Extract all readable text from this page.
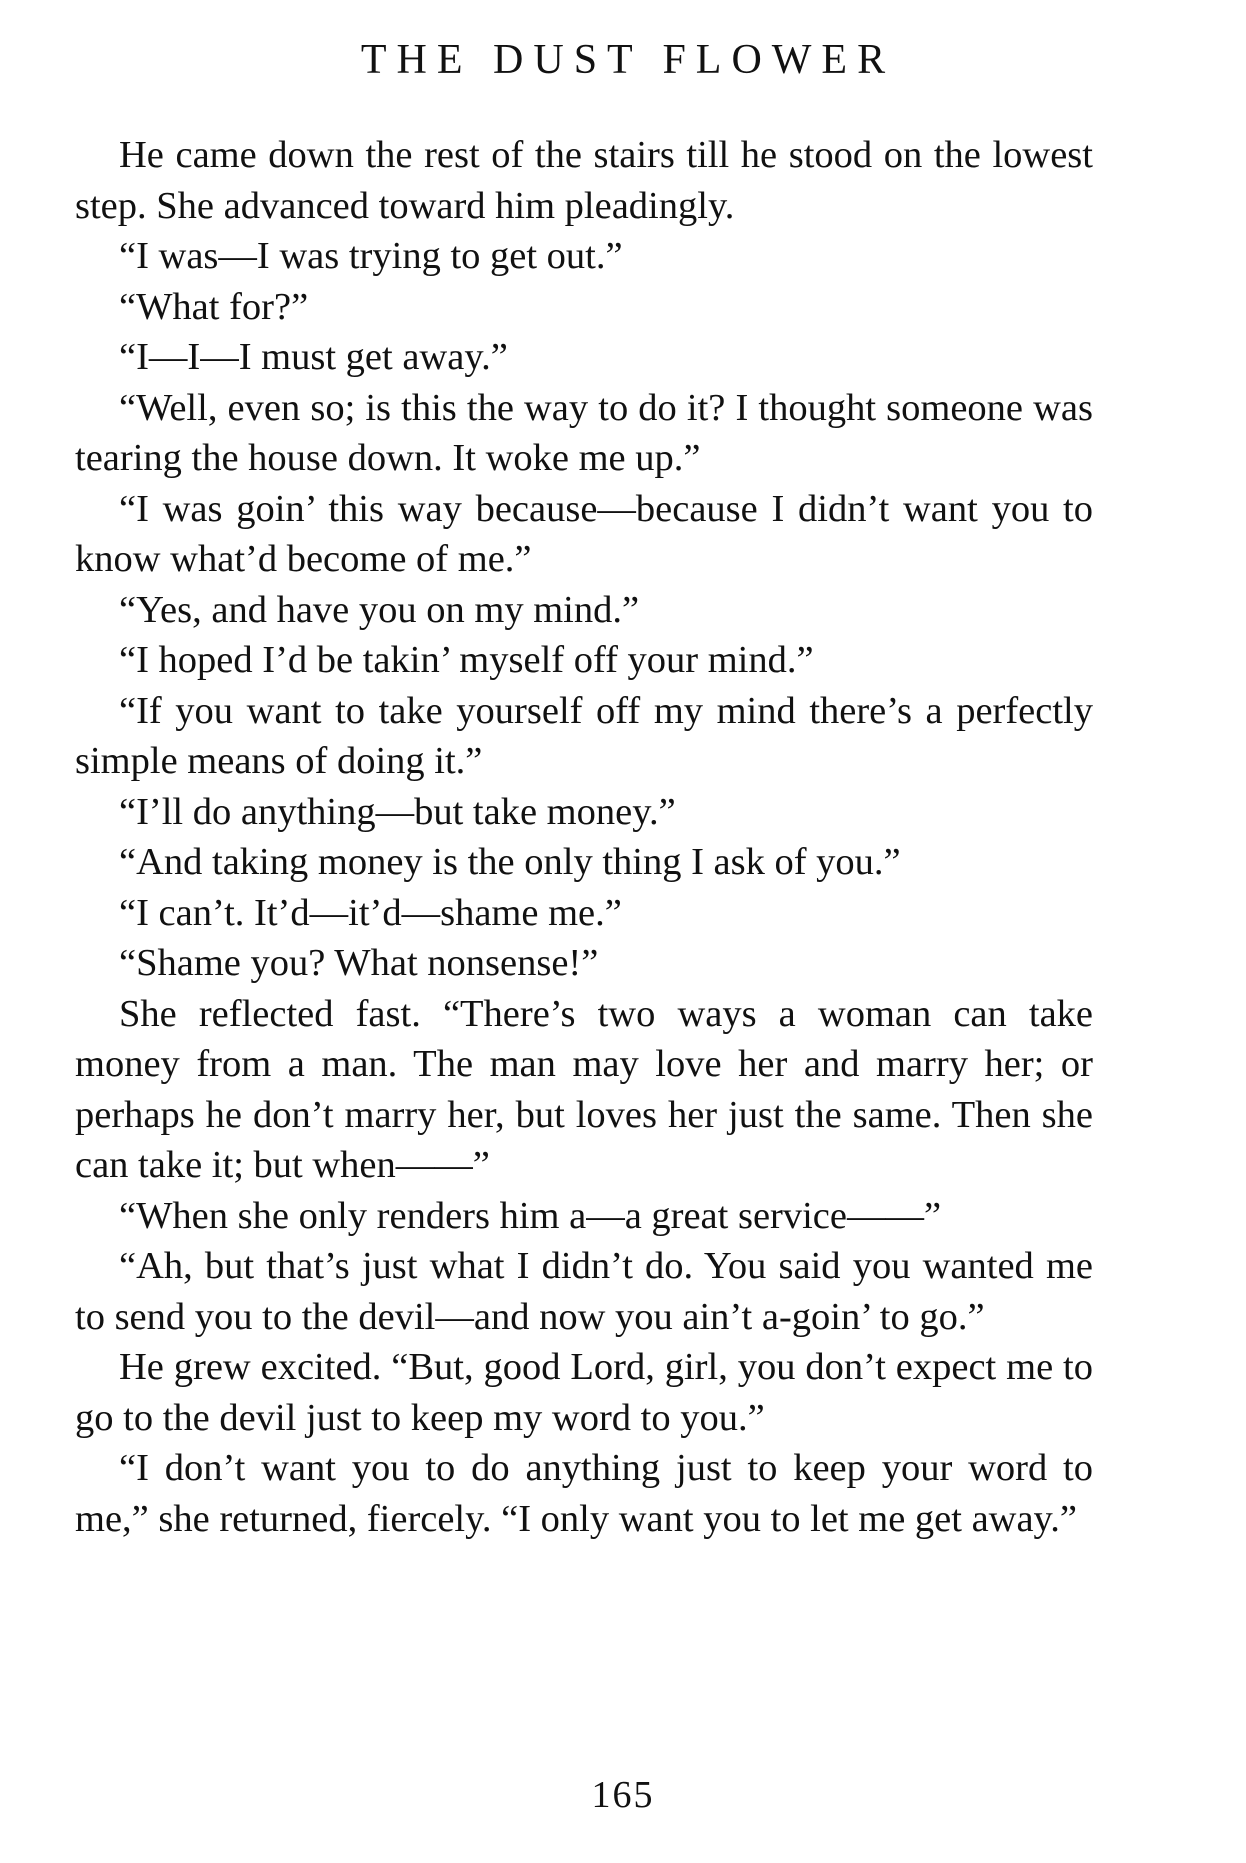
THE DUST FLOWER

He came down the rest of the stairs till he stood on the lowest step. She advanced toward him pleadingly.

“I was—I was trying to get out.”

“What for?”

“I—I—I must get away.”

“Well, even so; is this the way to do it? I thought someone was tearing the house down. It woke me up.”

“I was goin’ this way because—because I didn’t want you to know what’d become of me.”

“Yes, and have you on my mind.”

“I hoped I’d be takin’ myself off your mind.”

“If you want to take yourself off my mind there’s a perfectly simple means of doing it.”

“I’ll do anything—but take money.”

“And taking money is the only thing I ask of you.”

“I can’t. It’d—it’d—shame me.”

“Shame you? What nonsense!”

She reflected fast. “There’s two ways a woman can take money from a man. The man may love her and marry her; or perhaps he don’t marry her, but loves her just the same. Then she can take it; but when——”

“When she only renders him a—a great service——”

“Ah, but that’s just what I didn’t do. You said you wanted me to send you to the devil—and now you ain’t a-goin’ to go.”

He grew excited. “But, good Lord, girl, you don’t expect me to go to the devil just to keep my word to you.”

“I don’t want you to do anything just to keep your word to me,” she returned, fiercely. “I only want you to let me get away.”

165
